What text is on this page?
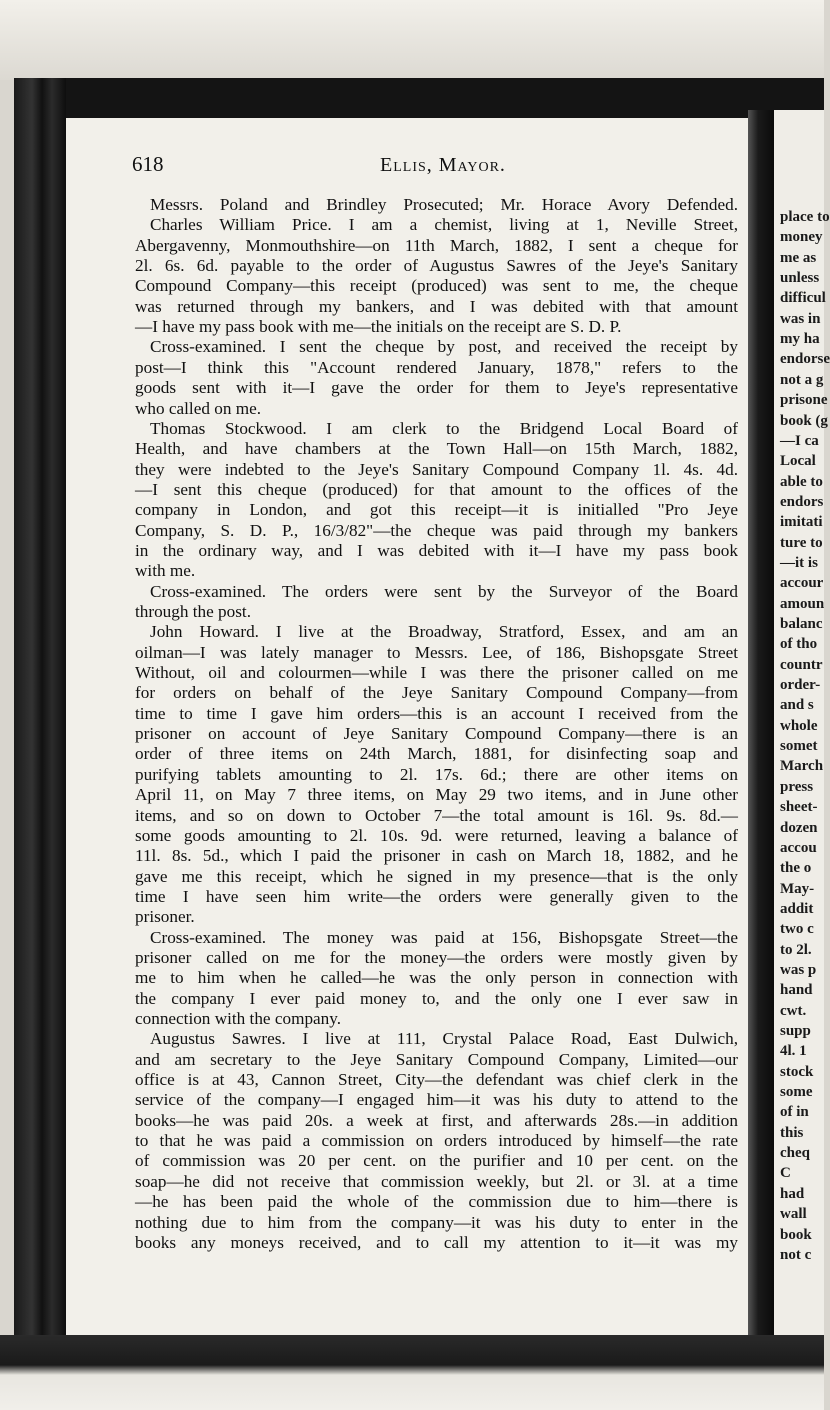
place to
money
me as
unless
difficul
was in
my ha
endorse
not a g
prisone
book (g
—I ca
Local
able to
endors
imitati
ture to
—it is
accour
amoun
balanc
of tho
countr
order-
and s
whole
somet
March
press
sheet-
dozen
accou
the o
May-
addit
two c
to 2l.
was p
hand
cwt.
supp
4l. 1
stock
some
of in
this
cheq
C
had
wall
book
not c
618	Ellis, Mayor.
Messrs. Poland and Brindley Prosecuted; Mr. Horace Avory Defended.
Charles William Price. I am a chemist, living at 1, Neville Street,
Abergavenny, Monmouthshire—on 11th March, 1882, I sent a cheque for
2l. 6s. 6d. payable to the order of Augustus Sawres of the Jeye's Sanitary
Compound Company—this receipt (produced) was sent to me, the cheque
was returned through my bankers, and I was debited with that amount
—I have my pass book with me—the initials on the receipt are S. D. P.
Cross-examined. I sent the cheque by post, and received the receipt by
post—I think this "Account rendered January, 1878," refers to the
goods sent with it—I gave the order for them to Jeye's representative
who called on me.
Thomas Stockwood. I am clerk to the Bridgend Local Board of
Health, and have chambers at the Town Hall—on 15th March, 1882,
they were indebted to the Jeye's Sanitary Compound Company 1l. 4s. 4d.
—I sent this cheque (produced) for that amount to the offices of the
company in London, and got this receipt—it is initialled "Pro Jeye
Company, S. D. P., 16/3/82"—the cheque was paid through my bankers
in the ordinary way, and I was debited with it—I have my pass book
with me.
Cross-examined. The orders were sent by the Surveyor of the Board
through the post.
John Howard. I live at the Broadway, Stratford, Essex, and am an
oilman—I was lately manager to Messrs. Lee, of 186, Bishopsgate Street
Without, oil and colourmen—while I was there the prisoner called on me
for orders on behalf of the Jeye Sanitary Compound Company—from
time to time I gave him orders—this is an account I received from the
prisoner on account of Jeye Sanitary Compound Company—there is an
order of three items on 24th March, 1881, for disinfecting soap and
purifying tablets amounting to 2l. 17s. 6d.; there are other items on
April 11, on May 7 three items, on May 29 two items, and in June other
items, and so on down to October 7—the total amount is 16l. 9s. 8d.—
some goods amounting to 2l. 10s. 9d. were returned, leaving a balance of
11l. 8s. 5d., which I paid the prisoner in cash on March 18, 1882, and he
gave me this receipt, which he signed in my presence—that is the only
time I have seen him write—the orders were generally given to the
prisoner.
Cross-examined. The money was paid at 156, Bishopsgate Street—the
prisoner called on me for the money—the orders were mostly given by
me to him when he called—he was the only person in connection with
the company I ever paid money to, and the only one I ever saw in
connection with the company.
Augustus Sawres. I live at 111, Crystal Palace Road, East Dulwich,
and am secretary to the Jeye Sanitary Compound Company, Limited—our
office is at 43, Cannon Street, City—the defendant was chief clerk in the
service of the company—I engaged him—it was his duty to attend to the
books—he was paid 20s. a week at first, and afterwards 28s.—in addition
to that he was paid a commission on orders introduced by himself—the rate
of commission was 20 per cent. on the purifier and 10 per cent. on the
soap—he did not receive that commission weekly, but 2l. or 3l. at a time
—he has been paid the whole of the commission due to him—there is
nothing due to him from the company—it was his duty to enter in the
books any moneys received, and to call my attention to it—it was my
